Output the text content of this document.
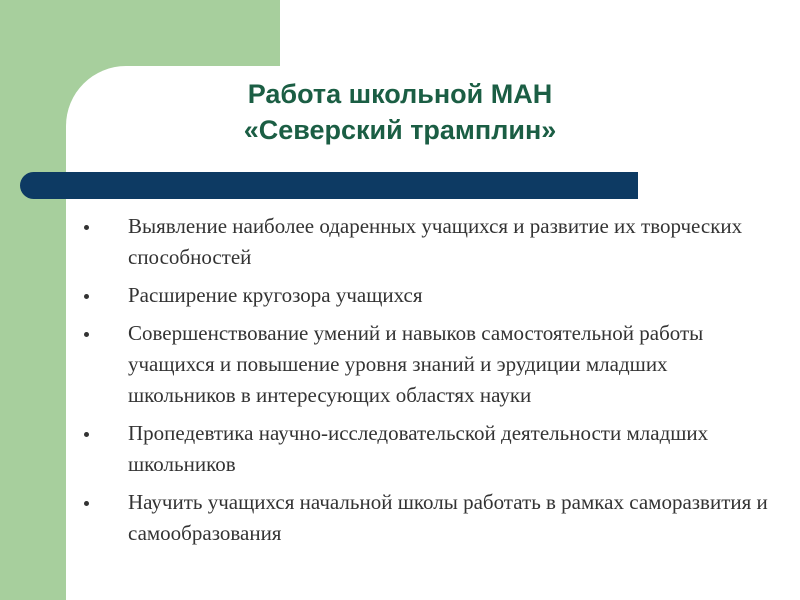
Работа школьной МАН
«Северский трамплин»
Выявление наиболее одаренных учащихся и развитие их творческих способностей
Расширение кругозора учащихся
Совершенствование умений и навыков самостоятельной работы учащихся и повышение уровня знаний и эрудиции младших школьников в интересующих областях науки
Пропедевтика научно-исследовательской деятельности младших школьников
Научить учащихся начальной школы работать в рамках саморазвития и самообразования
